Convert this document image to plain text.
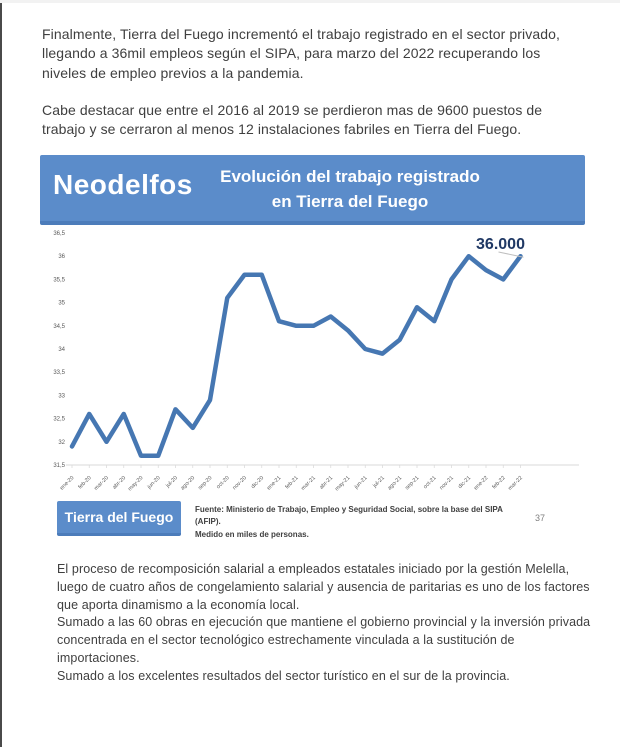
Finalmente, Tierra del Fuego incrementó el trabajo registrado en el sector privado, llegando a 36mil empleos según el SIPA, para marzo del 2022 recuperando los niveles de empleo previos a la pandemia.

Cabe destacar que entre el 2016 al 2019 se perdieron mas de 9600 puestos de trabajo y se cerraron al menos 12 instalaciones fabriles en Tierra del Fuego.

Neodelfos	Evolución del trabajo registrado
en Tierra del Fuego
36,5
36
35,5
35
34,5
34
33,5
33
32,5
32
31,5
ene-20 feb-20 mar-20 abr-20 may-20 jun-20 jul-20 ago-20 sep-20 oct-20 nov-20 dic-20 ene-21 feb-21 mar-21 abr-21 may-21 jun-21 jul-21 ago-21 sep-21 oct-21 nov-21 dic-21 ene-22 feb-22 mar-22
36.000
Tierra del Fuego	Fuente: Ministerio de Trabajo, Empleo y Seguridad Social, sobre la base del SIPA (AFIP).
Medido en miles de personas.
37

El proceso de recomposición salarial a empleados estatales iniciado por la gestión Melella, luego de cuatro años de congelamiento salarial y ausencia de paritarias es uno de los factores que aporta dinamismo a la economía local.

Sumado a las 60 obras en ejecución que mantiene el gobierno provincial y la inversión privada concentrada en el sector tecnológico estrechamente vinculada a la sustitución de importaciones.

Sumado a los excelentes resultados del sector turístico en el sur de la provincia.
